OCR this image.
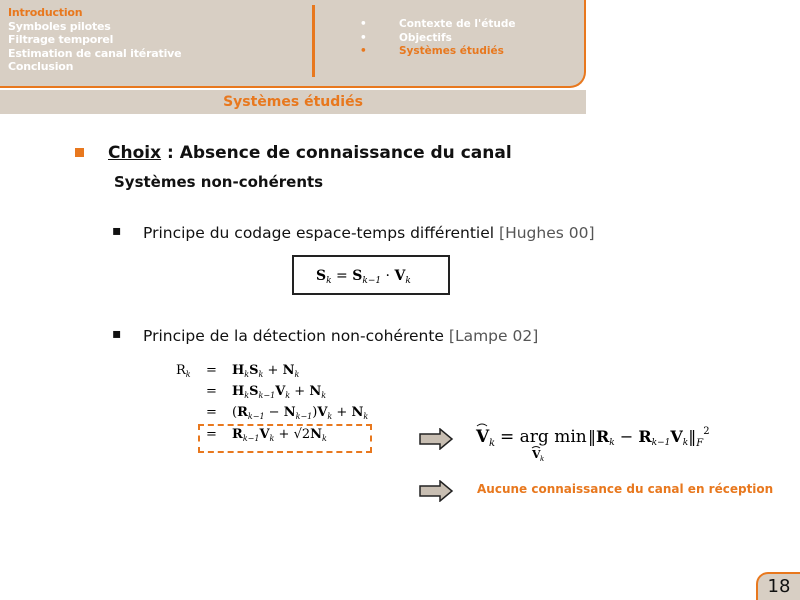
Introduction
Symboles pilotes
Filtrage temporel
Estimation de canal itérative
Conclusion
•	Contexte de l'étude
•	Objectifs
•	Systèmes étudiés
Systèmes étudiés
Choix : Absence de connaissance du canal
Systèmes non-cohérents
▪ Principe du codage espace-temps différentiel [Hughes 00]
$S_k = S_{k-1} \cdot V_k$
▪ Principe de la détection non-cohérente [Lampe 02]
$R_k = H_kS_k + N_k$
= $H_kS_{k-1}V_k + N_k$
= $(R_{k-1} - N_{k-1})V_k + N_k$
= $R_{k-1}V_k + √2N_k$	V k = arg min
V k
‖Rk − $Rk-1Vk‖_F^2$
Aucune connaissance du canal en réception
18
